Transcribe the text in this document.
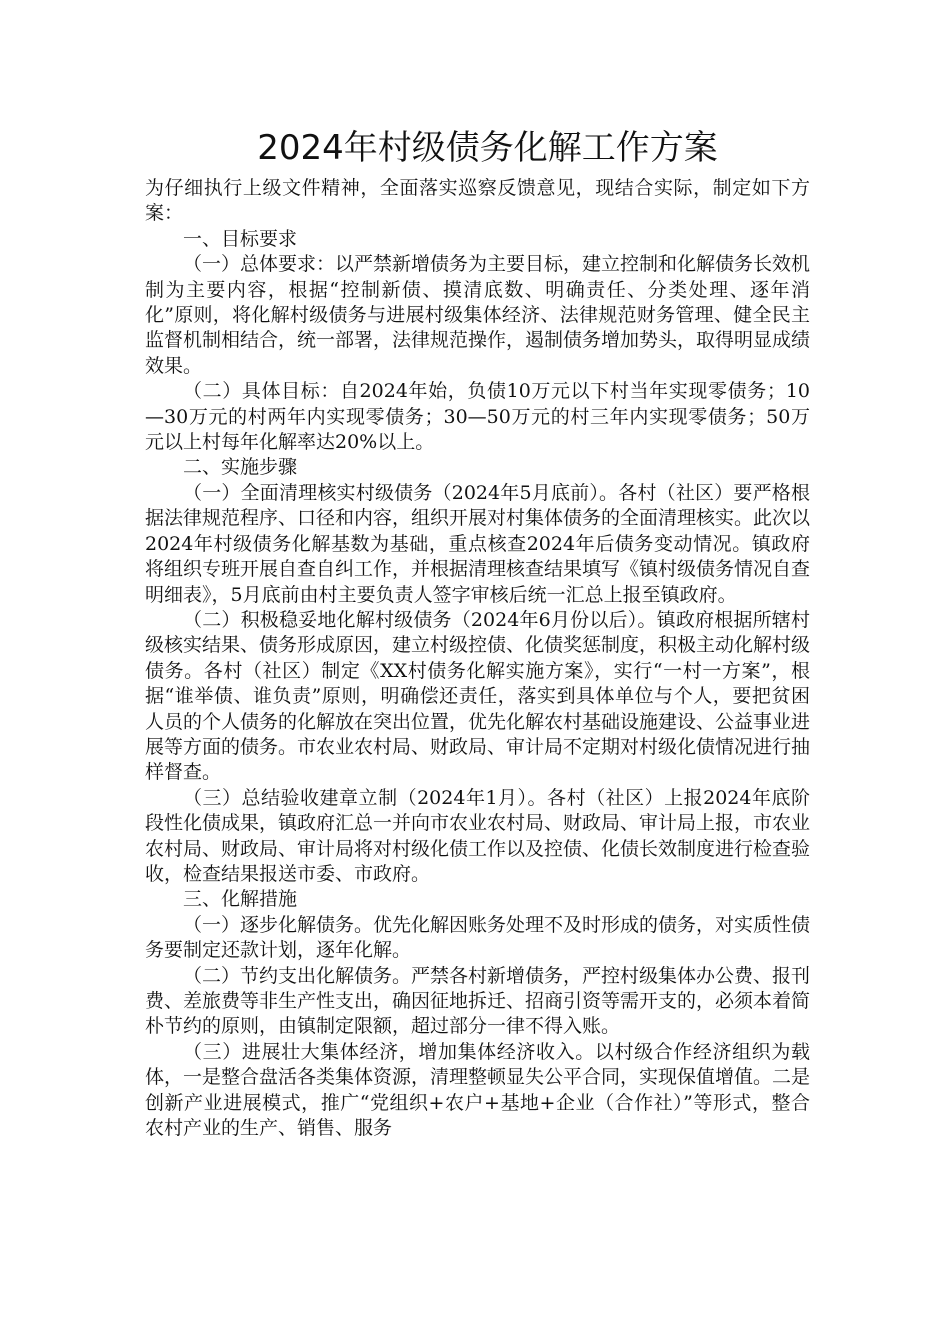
2024年村级债务化解工作方案

为仔细执行上级文件精神，全面落实巡察反馈意见，现结合实际，制定如下方案：

一、目标要求

（一）总体要求：以严禁新增债务为主要目标，建立控制和化解债务长效机制为主要内容，根据“控制新债、摸清底数、明确责任、分类处理、逐年消化”原则，将化解村级债务与进展村级集体经济、法律规范财务管理、健全民主监督机制相结合，统一部署，法律规范操作，遏制债务增加势头，取得明显成绩效果。

（二）具体目标：自2024年始，负债10万元以下村当年实现零债务；10—30万元的村两年内实现零债务；30—50万元的村三年内实现零债务；50万元以上村每年化解率达20%以上。

二、实施步骤

（一）全面清理核实村级债务（2024年5月底前）。各村（社区）要严格根据法律规范程序、口径和内容，组织开展对村集体债务的全面清理核实。此次以2024年村级债务化解基数为基础，重点核查2024年后债务变动情况。镇政府将组织专班开展自查自纠工作，并根据清理核查结果填写《镇村级债务情况自查明细表》，5月底前由村主要负责人签字审核后统一汇总上报至镇政府。

（二）积极稳妥地化解村级债务（2024年6月份以后）。镇政府根据所辖村级核实结果、债务形成原因，建立村级控债、化债奖惩制度，积极主动化解村级债务。各村（社区）制定《XX村债务化解实施方案》，实行“一村一方案”，根据“谁举债、谁负责”原则，明确偿还责任，落实到具体单位与个人，要把贫困人员的个人债务的化解放在突出位置，优先化解农村基础设施建设、公益事业进展等方面的债务。市农业农村局、财政局、审计局不定期对村级化债情况进行抽样督查。

（三）总结验收建章立制（2024年1月）。各村（社区）上报2024年底阶段性化债成果，镇政府汇总一并向市农业农村局、财政局、审计局上报，市农业农村局、财政局、审计局将对村级化债工作以及控债、化债长效制度进行检查验收，检查结果报送市委、市政府。

三、化解措施

（一）逐步化解债务。优先化解因账务处理不及时形成的债务，对实质性债务要制定还款计划，逐年化解。

（二）节约支出化解债务。严禁各村新增债务，严控村级集体办公费、报刊费、差旅费等非生产性支出，确因征地拆迁、招商引资等需开支的，必须本着简朴节约的原则，由镇制定限额，超过部分一律不得入账。

（三）进展壮大集体经济，增加集体经济收入。以村级合作经济组织为载体，一是整合盘活各类集体资源，清理整顿显失公平合同，实现保值增值。二是创新产业进展模式，推广“党组织+农户+基地+企业（合作社）”等形式，整合农村产业的生产、销售、服务
